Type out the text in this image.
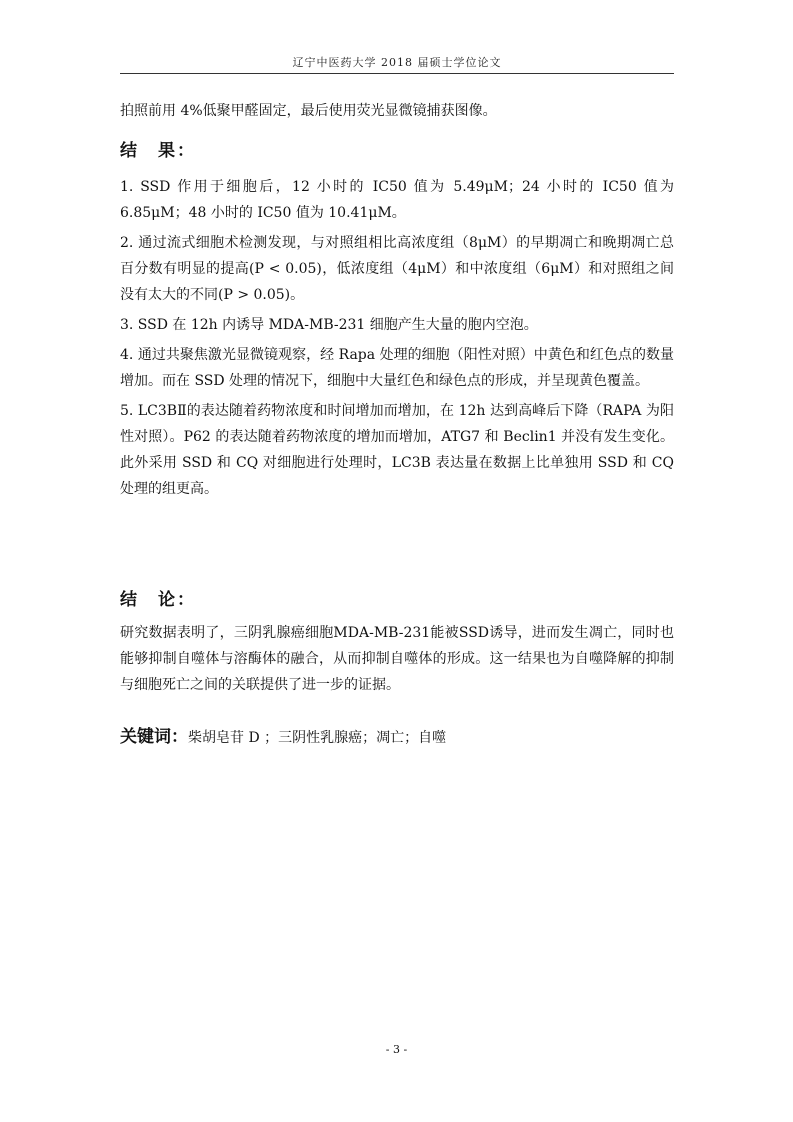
辽宁中医药大学 2018 届硕士学位论文

拍照前用 4%低聚甲醛固定，最后使用荧光显微镜捕获图像。

结　果：

1. SSD 作用于细胞后，12 小时的 IC50 值为 5.49μM；24 小时的 IC50 值为 6.85μM；48 小时的 IC50 值为 10.41μM。

2. 通过流式细胞术检测发现，与对照组相比高浓度组（8μM）的早期凋亡和晚期凋亡总百分数有明显的提高(P < 0.05)，低浓度组（4μM）和中浓度组（6μM）和对照组之间没有太大的不同(P > 0.05)。

3. SSD 在 12h 内诱导 MDA-MB-231 细胞产生大量的胞内空泡。

4. 通过共聚焦激光显微镜观察，经 Rapa 处理的细胞（阳性对照）中黄色和红色点的数量增加。而在 SSD 处理的情况下，细胞中大量红色和绿色点的形成，并呈现黄色覆盖。

5. LC3BⅡ的表达随着药物浓度和时间增加而增加，在 12h 达到高峰后下降（RAPA 为阳性对照）。P62 的表达随着药物浓度的增加而增加，ATG7 和 Beclin1 并没有发生变化。此外采用 SSD 和 CQ 对细胞进行处理时，LC3B 表达量在数据上比单独用 SSD 和 CQ 处理的组更高。

结　论：

研究数据表明了，三阴乳腺癌细胞MDA-MB-231能被SSD诱导，进而发生凋亡，同时也能够抑制自噬体与溶酶体的融合，从而抑制自噬体的形成。这一结果也为自噬降解的抑制与细胞死亡之间的关联提供了进一步的证据。

关键词：柴胡皂苷 D ；三阴性乳腺癌；凋亡；自噬
- 3 -
